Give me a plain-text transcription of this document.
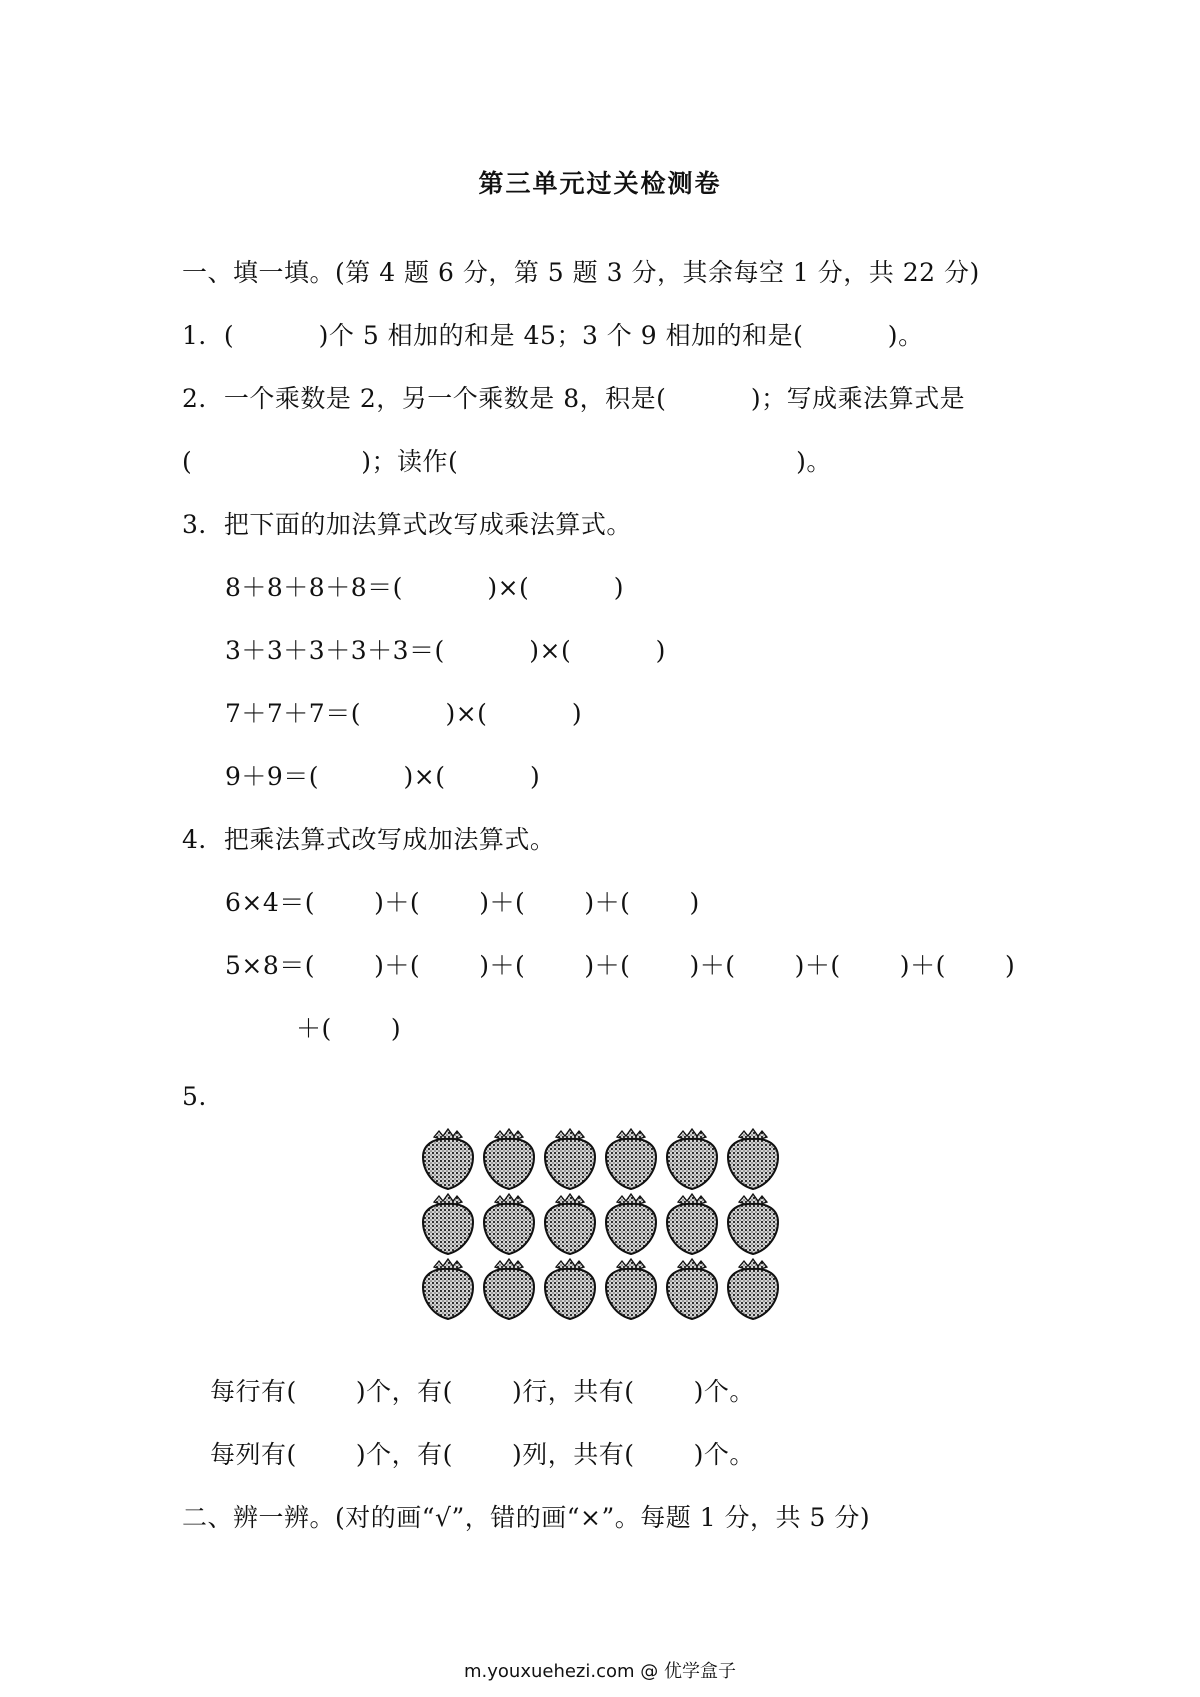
第三单元过关检测卷
一、填一填。(第 4 题 6 分，第 5 题 3 分，其余每空 1 分，共 22 分)
1．(          )个 5 相加的和是 45；3 个 9 相加的和是(          )。
2．一个乘数是 2，另一个乘数是 8，积是(          )；写成乘法算式是
(                    )；读作(                                        )。
3．把下面的加法算式改写成乘法算式。
8＋8＋8＋8＝(          )×(          )
3＋3＋3＋3＋3＝(          )×(          )
7＋7＋7＝(          )×(          )
9＋9＝(          )×(          )
4．把乘法算式改写成加法算式。
6×4＝(       )＋(       )＋(       )＋(       )
5×8＝(       )＋(       )＋(       )＋(       )＋(       )＋(       )＋(       )
＋(       )
5.
每行有(       )个，有(       )行，共有(       )个。
每列有(       )个，有(       )列，共有(       )个。
二、辨一辨。(对的画“√”，错的画“×”。每题 1 分，共 5 分)
m.youxuehezi.com @ 优学盒子
